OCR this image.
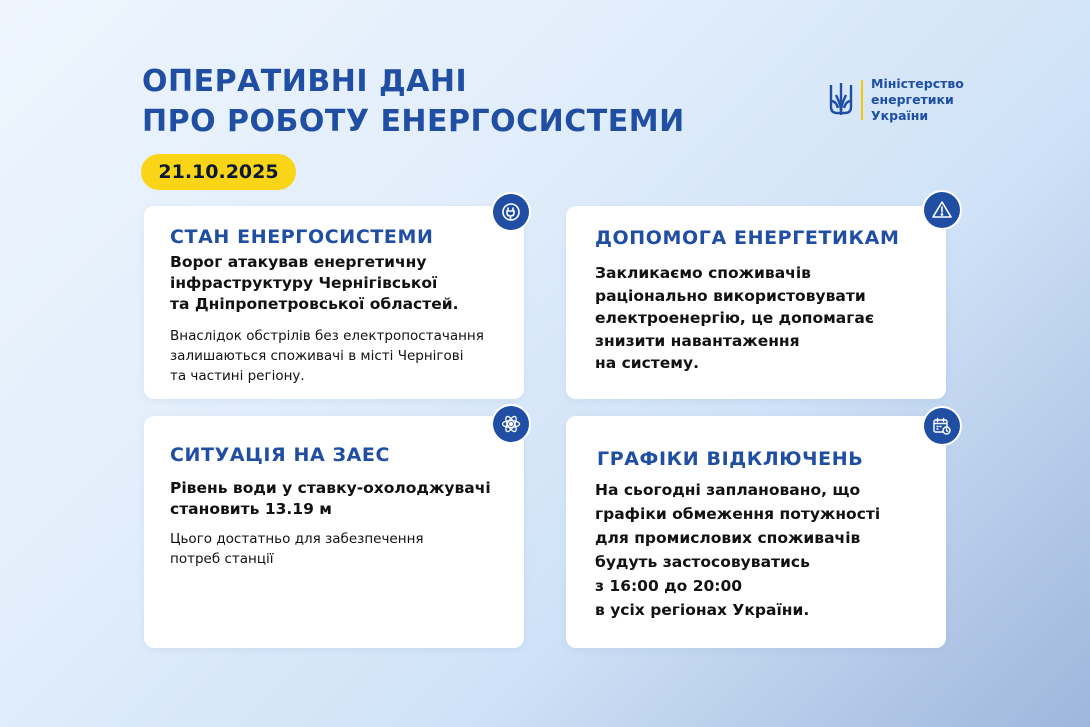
ОПЕРАТИВНІ ДАНІ
ПРО РОБОТУ ЕНЕРГОСИСТЕМИ
21.10.2025
Міністерство
енергетики
України
СТАН ЕНЕРГОСИСТЕМИ
Ворог атакував енергетичну
інфраструктуру Чернігівської
та Дніпропетровської областей.
Внаслідок обстрілів без електропостачання
залишаються споживачі в місті Чернігові
та частині регіону.
ДОПОМОГА ЕНЕРГЕТИКАМ
Закликаємо споживачів
раціонально використовувати
електроенергію, це допомагає
знизити навантаження
на систему.
СИТУАЦІЯ НА ЗАЕС
Рівень води у ставку-охолоджувачі
становить 13.19 м
Цього достатньо для забезпечення
потреб станції
ГРАФІКИ ВІДКЛЮЧЕНЬ
На сьогодні заплановано, що
графіки обмеження потужності
для промислових споживачів
будуть застосовуватись
з 16:00 до 20:00
в усіх регіонах України.
